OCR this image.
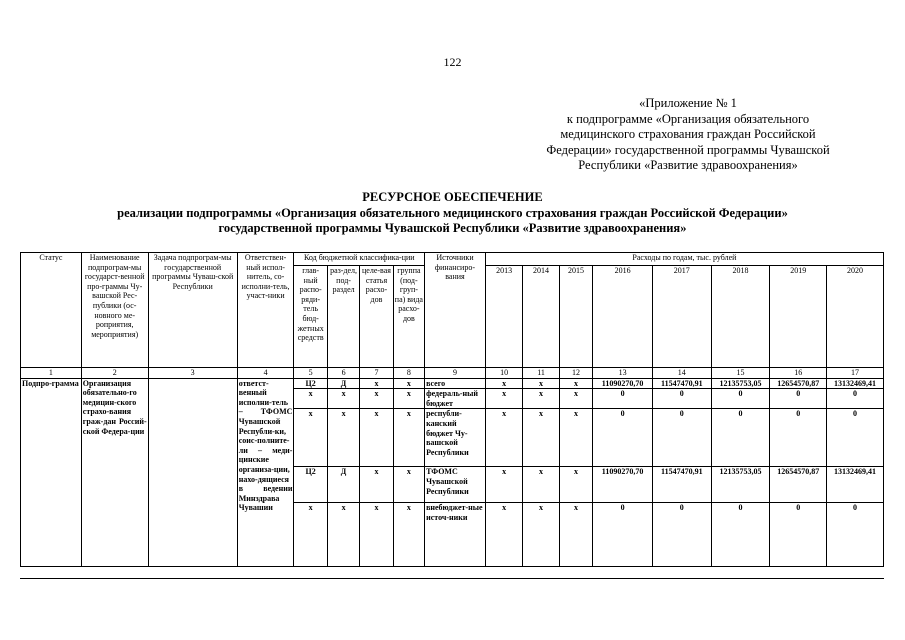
122
«Приложение № 1
к подпрограмме «Организация обязательного
медицинского страхования граждан Российской
Федерации» государственной программы Чувашской
Республики «Развитие здравоохранения»
РЕСУРСНОЕ ОБЕСПЕЧЕНИЕ
реализации подпрограммы «Организация обязательного медицинского страхования граждан Российской Федерации»
государственной программы Чувашской Республики «Развитие здравоохранения»
Статус	Наименование подпрограм-мы государст-венной про-граммы Чу-вашской Рес-публики (ос-новного ме-роприятия, мероприятия)	Задача подпрограм-мы государственной программы Чуваш-ской Республики	Ответствен-ный испол-нитель, со-исполни-тель, участ-ники	Код бюджетной классифика-ции				Источники финансиро-вания	Расходы по годам, тыс. рублей							
				глав-ный распо-ряди-тель бюд-жетных средств	раз-дел, под-раздел	целе-вая статья расхо-дов	группа (под-груп-па) вида расхо-дов		2013	2014	2015	2016	2017	2018	2019	2020
1	2	3	4	5	6	7	8	9	10	11	12	13	14	15	16	17
Подпро-грамма	Организация обязательно-го медицин-ского страхо-вания граж-дан Россий-ской Федера-ции		ответст-венный исполни-тель – ТФОМС Чувашской Республи-ки, соис-полните-ли – меди-цинские организа-ции, нахо-дящиеся в ведении Минздрава Чувашии	Ц2	Д	x	x	всего	x	x	x	11090270,70	11547470,91	12135753,05	12654570,87	13132469,41
				x	x	x	x	федераль-ный бюджет	x	x	x	0	0	0	0	0
				x	x	x	x	республи-канский бюджет Чу-вашской Республики	x	x	x	0	0	0	0	0
				Ц2	Д	x	x	ТФОМС Чувашской Республики	x	x	x	11090270,70	11547470,91	12135753,05	12654570,87	13132469,41
				x	x	x	x	внебюджет-ные источ-ники	x	x	x	0	0	0	0	0
